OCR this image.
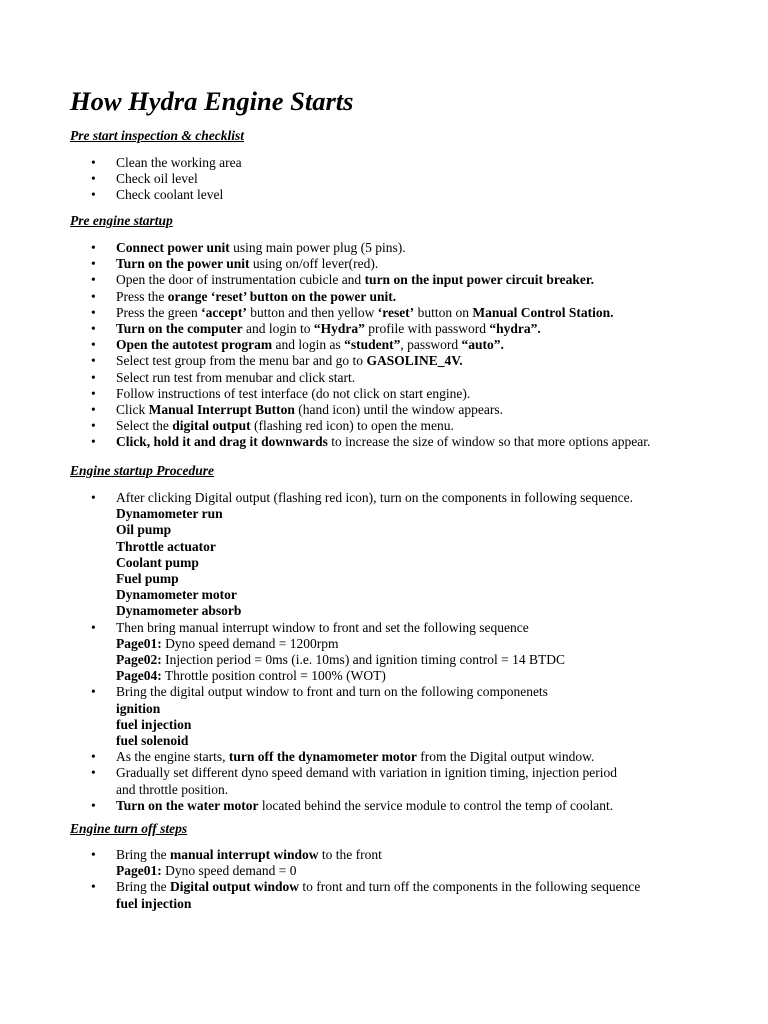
How Hydra Engine Starts
Pre start inspection & checklist
• Clean the working area
• Check oil level
• Check coolant level
Pre engine startup
• Connect power unit using main power plug (5 pins).
• Turn on the power unit using on/off lever(red).
• Open the door of instrumentation cubicle and turn on the input power circuit breaker.
• Press the orange ‘reset’ button on the power unit.
• Press the green ‘accept’ button and then yellow ‘reset’ button on Manual Control Station.
• Turn on the computer and login to “Hydra” profile with password “hydra”.
• Open the autotest program and login as “student”, password “auto”.
• Select test group from the menu bar and go to GASOLINE_4V.
• Select run test from menubar and click start.
• Follow instructions of test interface (do not click on start engine).
• Click Manual Interrupt Button (hand icon) until the window appears.
• Select the digital output (flashing red icon) to open the menu.
• Click, hold it and drag it downwards to increase the size of window so that more options appear.
Engine startup Procedure
• After clicking Digital output (flashing red icon), turn on the components in following sequence.
Dynamometer run
Oil pump
Throttle actuator
Coolant pump
Fuel pump
Dynamometer motor
Dynamometer absorb
• Then bring manual interrupt window to front and set the following sequence
Page01: Dyno speed demand = 1200rpm
Page02: Injection period = 0ms (i.e. 10ms) and ignition timing control = 14 BTDC
Page04: Throttle position control = 100% (WOT)
• Bring the digital output window to front and turn on the following componenets
ignition
fuel injection
fuel solenoid
• As the engine starts, turn off the dynamometer motor from the Digital output window.
• Gradually set different dyno speed demand with variation in ignition timing, injection period
and throttle position.
• Turn on the water motor located behind the service module to control the temp of coolant.
Engine turn off steps
• Bring the manual interrupt window to the front
Page01: Dyno speed demand = 0
• Bring the Digital output window to front and turn off the components in the following sequence
fuel injection
